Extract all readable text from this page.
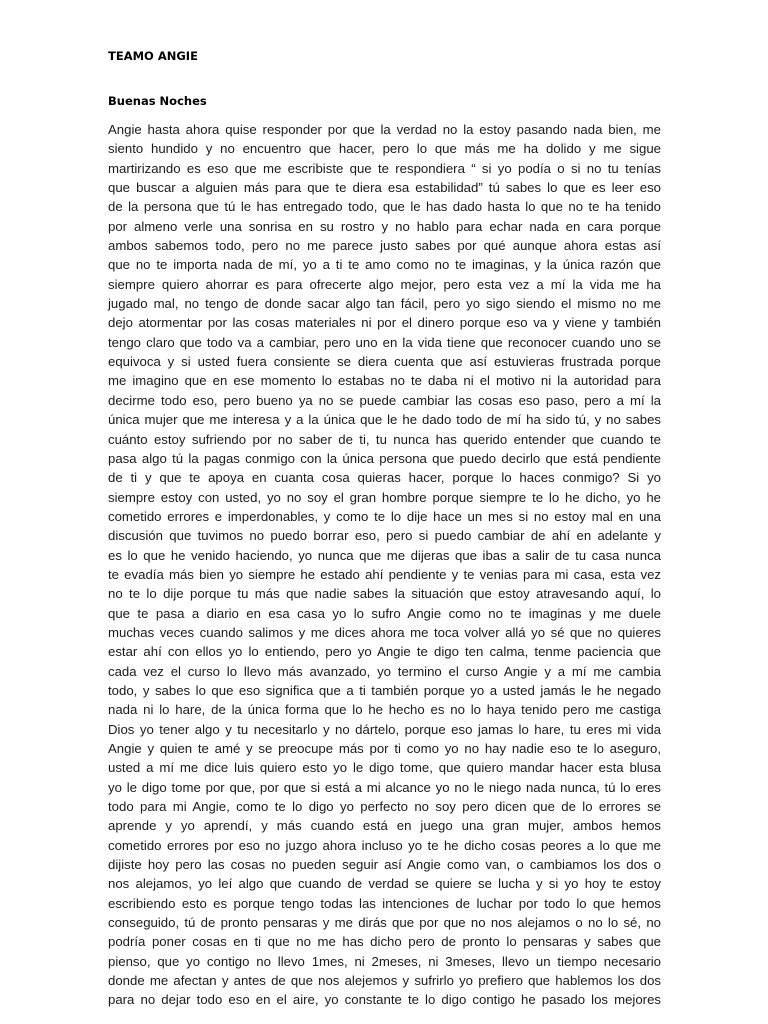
TEAMO ANGIE
Buenas Noches
Angie hasta ahora quise responder por que la verdad no la estoy pasando nada bien, me
siento hundido y no encuentro que hacer, pero lo que más me ha dolido y me sigue
martirizando es eso que me escribiste que te respondiera “ si yo podía o si no tu tenías
que buscar a alguien más para que te diera esa estabilidad” tú sabes lo que es leer eso
de la persona que tú le has entregado todo, que le has dado hasta lo que no te ha tenido
por almeno verle una sonrisa en su rostro y no hablo para echar nada en cara porque
ambos sabemos todo, pero no me parece justo sabes por qué aunque ahora estas así
que no te importa nada de mí, yo a ti te amo como no te imaginas, y la única razón que
siempre quiero ahorrar es para ofrecerte algo mejor, pero esta vez a mí la vida me ha
jugado mal, no tengo de donde sacar algo tan fácil, pero yo sigo siendo el mismo no me
dejo atormentar por las cosas materiales ni por el dinero porque eso va y viene y también
tengo claro que todo va a cambiar, pero uno en la vida tiene que reconocer cuando uno se
equivoca y si usted fuera consiente se diera cuenta que así estuvieras frustrada porque
me imagino que en ese momento lo estabas no te daba ni el motivo ni la autoridad para
decirme todo eso, pero bueno ya no se puede cambiar las cosas eso paso, pero a mí la
única mujer que me interesa y a la única que le he dado todo de mí ha sido tú, y no sabes
cuánto estoy sufriendo por no saber de ti, tu nunca has querido entender que cuando te
pasa algo tú la pagas conmigo con la única persona que puedo decirlo que está pendiente
de ti y que te apoya en cuanta cosa quieras hacer, porque lo haces conmigo? Si yo
siempre estoy con usted, yo no soy el gran hombre porque siempre te lo he dicho, yo he
cometido errores e imperdonables, y como te lo dije hace un mes si no estoy mal en una
discusión que tuvimos no puedo borrar eso, pero si puedo cambiar de ahí en adelante y
es lo que he venido haciendo, yo nunca que me dijeras que ibas a salir de tu casa nunca
te evadía más bien yo siempre he estado ahí pendiente y te venias para mi casa, esta vez
no te lo dije porque tu más que nadie sabes la situación que estoy atravesando aquí, lo
que te pasa a diario en esa casa yo lo sufro Angie como no te imaginas y me duele
muchas veces cuando salimos y me dices ahora me toca volver allá yo sé que no quieres
estar ahí con ellos yo lo entiendo, pero yo Angie te digo ten calma, tenme paciencia que
cada vez el curso lo llevo más avanzado, yo termino el curso Angie y a mí me cambia
todo, y sabes lo que eso significa que a ti también porque yo a usted jamás le he negado
nada ni lo hare, de la única forma que lo he hecho es no lo haya tenido pero me castiga
Dios yo tener algo y tu necesitarlo y no dártelo, porque eso jamas lo hare, tu eres mi vida
Angie y quien te amé y se preocupe más por ti como yo no hay nadie eso te lo aseguro,
usted a mí me dice luis quiero esto yo le digo tome, que quiero mandar hacer esta blusa
yo le digo tome por que, por que si está a mi alcance yo no le niego nada nunca, tú lo eres
todo para mi Angie, como te lo digo yo perfecto no soy pero dicen que de lo errores se
aprende y yo aprendí, y más cuando está en juego una gran mujer, ambos hemos
cometido errores por eso no juzgo ahora incluso yo te he dicho cosas peores a lo que me
dijiste hoy pero las cosas no pueden seguir así Angie como van, o cambiamos los dos o
nos alejamos, yo leí algo que cuando de verdad se quiere se lucha y si yo hoy te estoy
escribiendo esto es porque tengo todas las intenciones de luchar por todo lo que hemos
conseguido, tú de pronto pensaras y me dirás que por que no nos alejamos o no lo sé, no
podría poner cosas en ti que no me has dicho pero de pronto lo pensaras y sabes que
pienso, que yo contigo no llevo 1mes, ni 2meses, ni 3meses, llevo un tiempo necesario
donde me afectan y antes de que nos alejemos y sufrirlo yo prefiero que hablemos los dos
para no dejar todo eso en el aire, yo constante te lo digo contigo he pasado los mejores
